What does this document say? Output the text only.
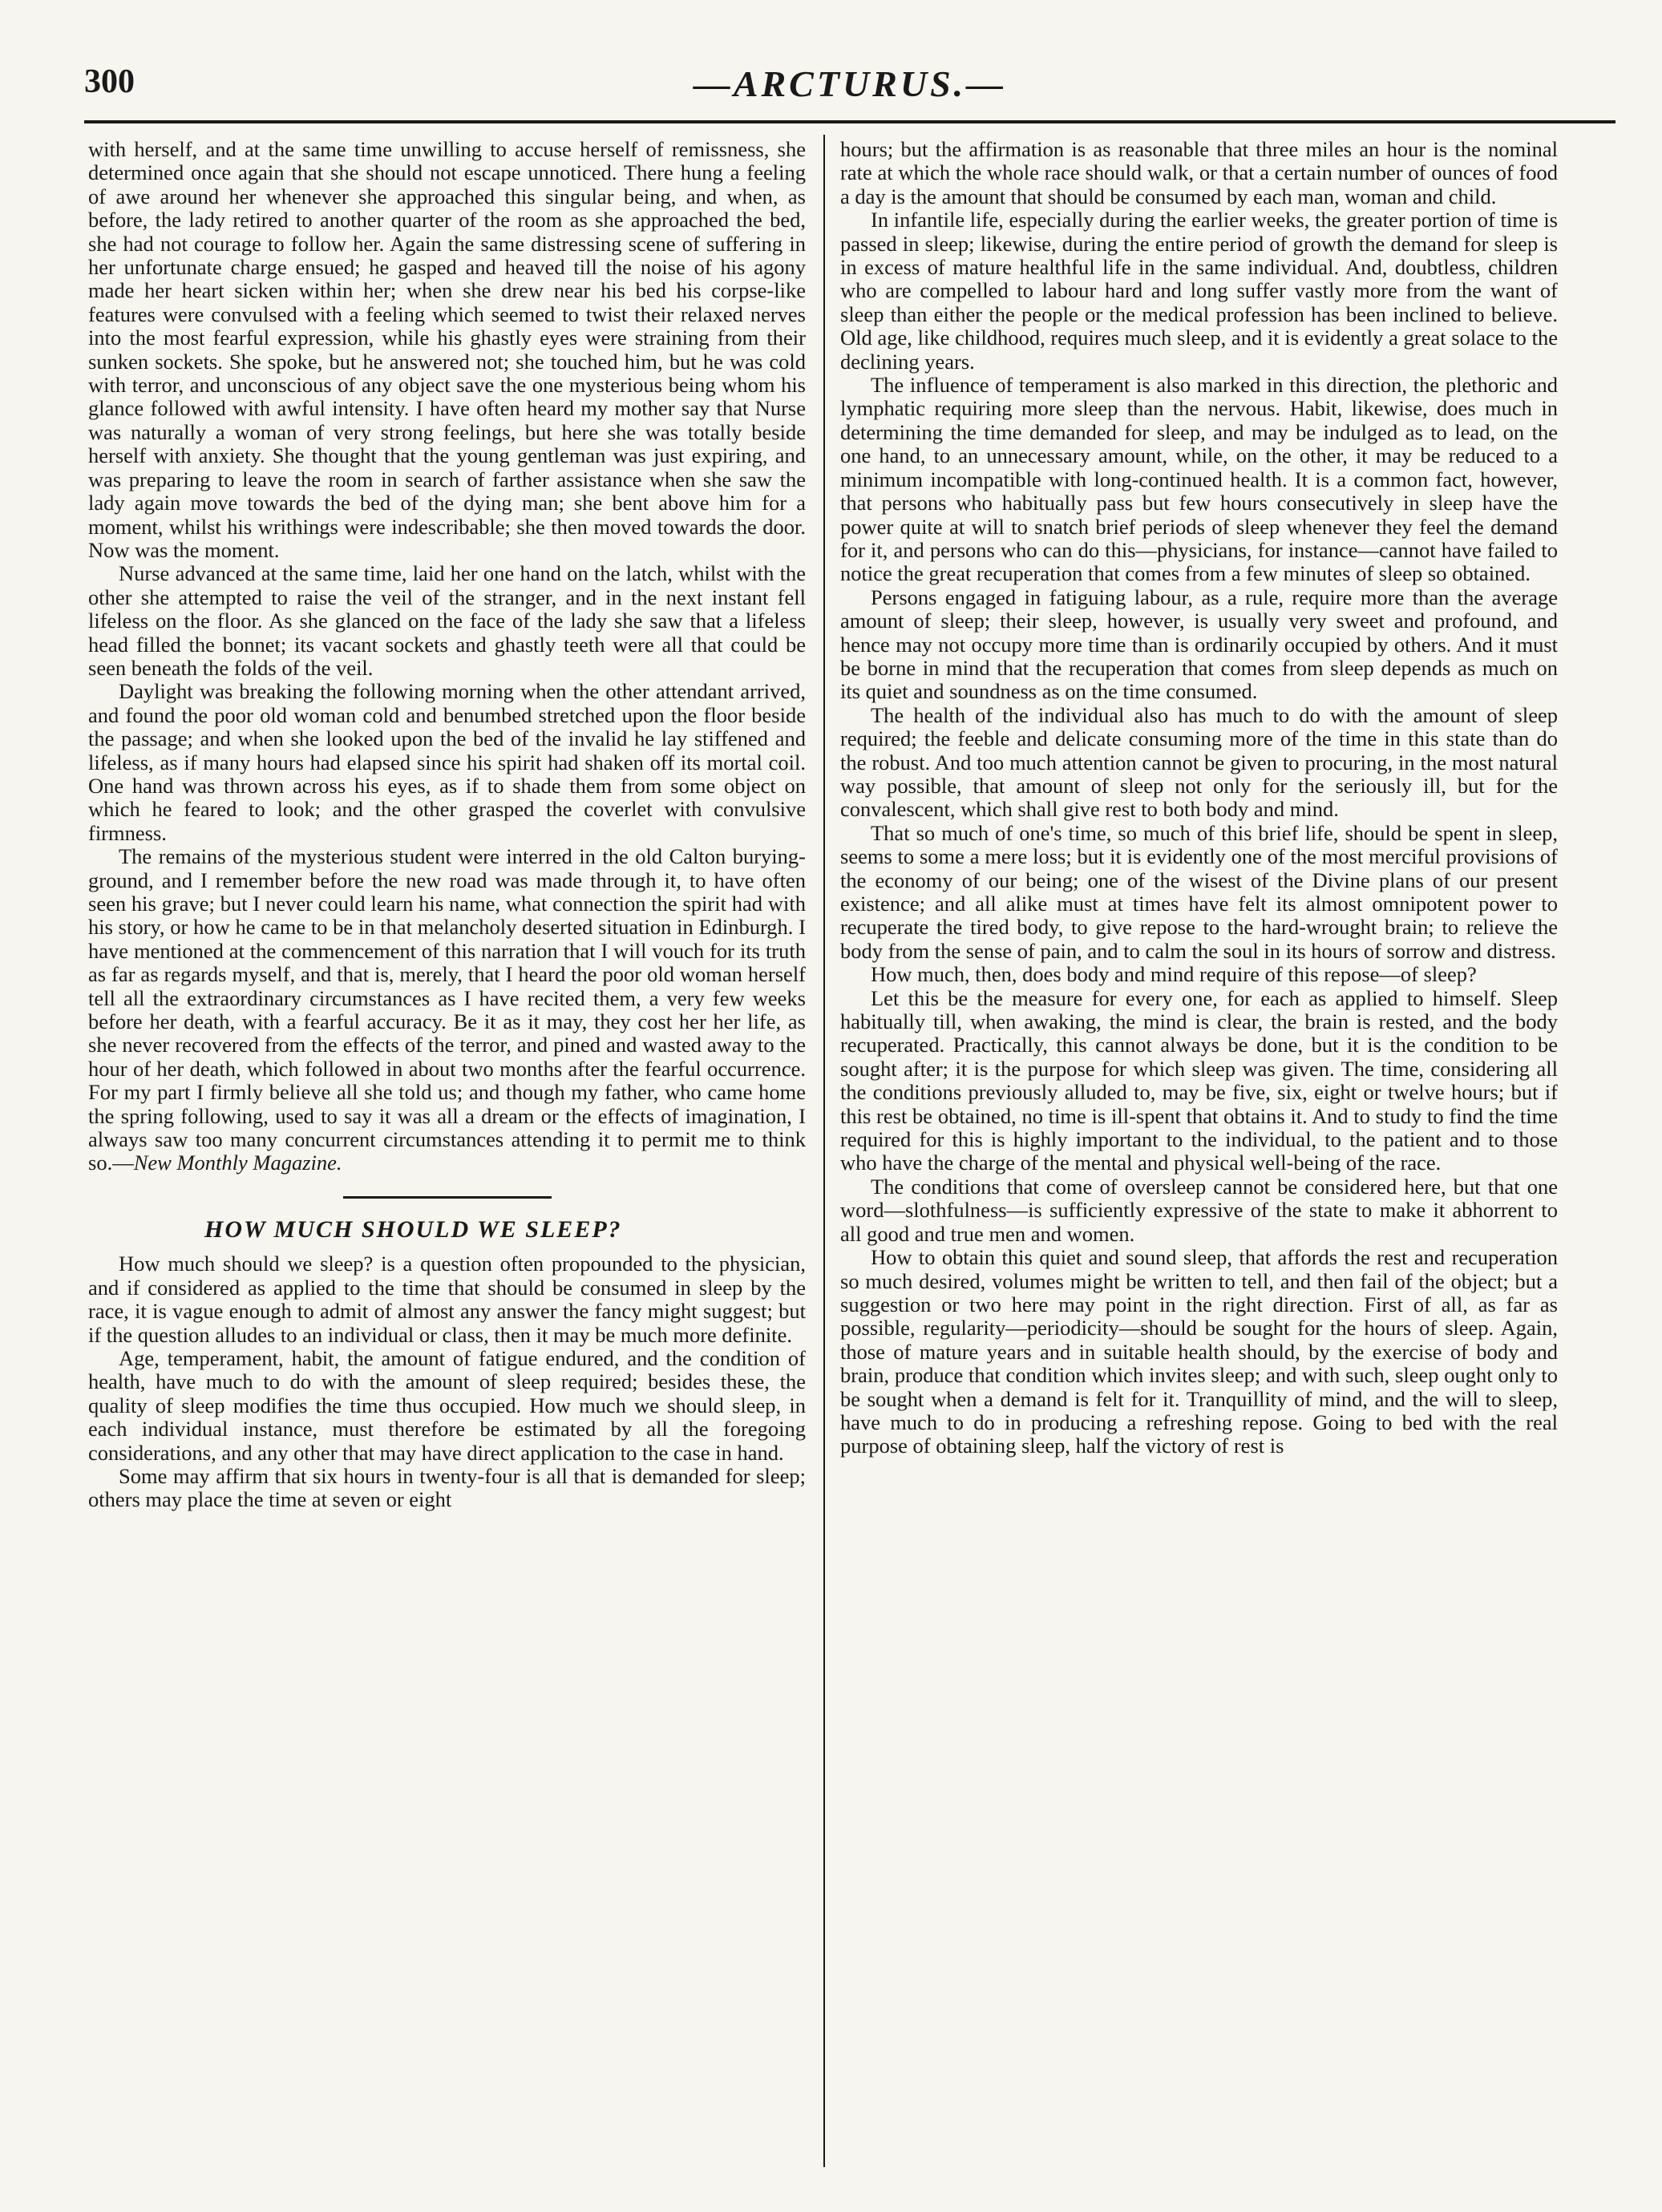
300	—ARCTURUS.—

with herself, and at the same time unwilling to accuse herself of remissness, she determined once again that she should not escape unnoticed. There hung a feeling of awe around her whenever she approached this singular being, and when, as before, the lady retired to another quarter of the room as she approached the bed, she had not courage to follow her. Again the same distressing scene of suffering in her unfortunate charge ensued; he gasped and heaved till the noise of his agony made her heart sicken within her; when she drew near his bed his corpse-like features were convulsed with a feeling which seemed to twist their relaxed nerves into the most fearful expression, while his ghastly eyes were straining from their sunken sockets. She spoke, but he answered not; she touched him, but he was cold with terror, and unconscious of any object save the one mysterious being whom his glance followed with awful intensity. I have often heard my mother say that Nurse was naturally a woman of very strong feelings, but here she was totally beside herself with anxiety. She thought that the young gentleman was just expiring, and was preparing to leave the room in search of farther assistance when she saw the lady again move towards the bed of the dying man; she bent above him for a moment, whilst his writhings were indescribable; she then moved towards the door. Now was the moment.

Nurse advanced at the same time, laid her one hand on the latch, whilst with the other she attempted to raise the veil of the stranger, and in the next instant fell lifeless on the floor. As she glanced on the face of the lady she saw that a lifeless head filled the bonnet; its vacant sockets and ghastly teeth were all that could be seen beneath the folds of the veil.

Daylight was breaking the following morning when the other attendant arrived, and found the poor old woman cold and benumbed stretched upon the floor beside the passage; and when she looked upon the bed of the invalid he lay stiffened and lifeless, as if many hours had elapsed since his spirit had shaken off its mortal coil. One hand was thrown across his eyes, as if to shade them from some object on which he feared to look; and the other grasped the coverlet with convulsive firmness.

The remains of the mysterious student were interred in the old Calton burying-ground, and I remember before the new road was made through it, to have often seen his grave; but I never could learn his name, what connection the spirit had with his story, or how he came to be in that melancholy deserted situation in Edinburgh. I have mentioned at the commencement of this narration that I will vouch for its truth as far as regards myself, and that is, merely, that I heard the poor old woman herself tell all the extraordinary circumstances as I have recited them, a very few weeks before her death, with a fearful accuracy. Be it as it may, they cost her her life, as she never recovered from the effects of the terror, and pined and wasted away to the hour of her death, which followed in about two months after the fearful occurrence. For my part I firmly believe all she told us; and though my father, who came home the spring following, used to say it was all a dream or the effects of imagination, I always saw too many concurrent circumstances attending it to permit me to think so.—New Monthly Magazine.

HOW MUCH SHOULD WE SLEEP?

How much should we sleep? is a question often propounded to the physician, and if considered as applied to the time that should be consumed in sleep by the race, it is vague enough to admit of almost any answer the fancy might suggest; but if the question alludes to an individual or class, then it may be much more definite.

Age, temperament, habit, the amount of fatigue endured, and the condition of health, have much to do with the amount of sleep required; besides these, the quality of sleep modifies the time thus occupied. How much we should sleep, in each individual instance, must therefore be estimated by all the foregoing considerations, and any other that may have direct application to the case in hand.

Some may affirm that six hours in twenty-four is all that is demanded for sleep; others may place the time at seven or eight

hours; but the affirmation is as reasonable that three miles an hour is the nominal rate at which the whole race should walk, or that a certain number of ounces of food a day is the amount that should be consumed by each man, woman and child.

In infantile life, especially during the earlier weeks, the greater portion of time is passed in sleep; likewise, during the entire period of growth the demand for sleep is in excess of mature healthful life in the same individual. And, doubtless, children who are compelled to labour hard and long suffer vastly more from the want of sleep than either the people or the medical profession has been inclined to believe. Old age, like childhood, requires much sleep, and it is evidently a great solace to the declining years.

The influence of temperament is also marked in this direction, the plethoric and lymphatic requiring more sleep than the nervous. Habit, likewise, does much in determining the time demanded for sleep, and may be indulged as to lead, on the one hand, to an unnecessary amount, while, on the other, it may be reduced to a minimum incompatible with long-continued health. It is a common fact, however, that persons who habitually pass but few hours consecutively in sleep have the power quite at will to snatch brief periods of sleep whenever they feel the demand for it, and persons who can do this—physicians, for instance—cannot have failed to notice the great recuperation that comes from a few minutes of sleep so obtained.

Persons engaged in fatiguing labour, as a rule, require more than the average amount of sleep; their sleep, however, is usually very sweet and profound, and hence may not occupy more time than is ordinarily occupied by others. And it must be borne in mind that the recuperation that comes from sleep depends as much on its quiet and soundness as on the time consumed.

The health of the individual also has much to do with the amount of sleep required; the feeble and delicate consuming more of the time in this state than do the robust. And too much attention cannot be given to procuring, in the most natural way possible, that amount of sleep not only for the seriously ill, but for the convalescent, which shall give rest to both body and mind.

That so much of one's time, so much of this brief life, should be spent in sleep, seems to some a mere loss; but it is evidently one of the most merciful provisions of the economy of our being; one of the wisest of the Divine plans of our present existence; and all alike must at times have felt its almost omnipotent power to recuperate the tired body, to give repose to the hard-wrought brain; to relieve the body from the sense of pain, and to calm the soul in its hours of sorrow and distress.

How much, then, does body and mind require of this repose—of sleep?

Let this be the measure for every one, for each as applied to himself. Sleep habitually till, when awaking, the mind is clear, the brain is rested, and the body recuperated. Practically, this cannot always be done, but it is the condition to be sought after; it is the purpose for which sleep was given. The time, considering all the conditions previously alluded to, may be five, six, eight or twelve hours; but if this rest be obtained, no time is ill-spent that obtains it. And to study to find the time required for this is highly important to the individual, to the patient and to those who have the charge of the mental and physical well-being of the race.

The conditions that come of oversleep cannot be considered here, but that one word—slothfulness—is sufficiently expressive of the state to make it abhorrent to all good and true men and women.

How to obtain this quiet and sound sleep, that affords the rest and recuperation so much desired, volumes might be written to tell, and then fail of the object; but a suggestion or two here may point in the right direction. First of all, as far as possible, regularity—periodicity—should be sought for the hours of sleep. Again, those of mature years and in suitable health should, by the exercise of body and brain, produce that condition which invites sleep; and with such, sleep ought only to be sought when a demand is felt for it. Tranquillity of mind, and the will to sleep, have much to do in producing a refreshing repose. Going to bed with the real purpose of obtaining sleep, half the victory of rest is
